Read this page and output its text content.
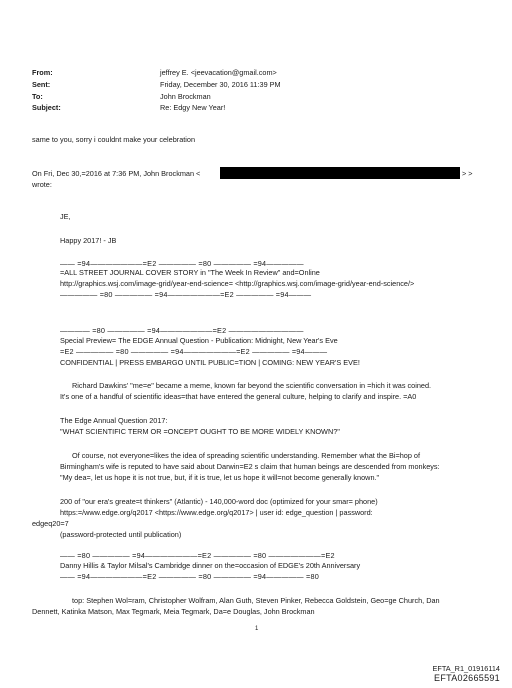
From:	jeffrey E. <jeevacation@gmail.com>
Sent:	Friday, December 30, 2016 11:39 PM
To:	John Brockman
Subject:	Re: Edgy New Year!
same to you, sorry i couldnt make your celebration
On Fri, Dec 30,=2016 at 7:36 PM, John Brockman <	> >
wrote:
JE,
Happy 2017! - JB
—— =94———————=E2 ————— =80 ————— =94—————
=ALL STREET JOURNAL COVER STORY in "The Week In Review" and=Online
http://graphics.wsj.com/image-grid/year-end-science= <http://graphics.wsj.com/image-grid/year-end-science/>
————— =80 ————— =94———————=E2 ————— =94———
———— =80 ————— =94———————=E2 ——————————
Special Preview= The EDGE Annual Question - Publication: Midnight, New Year's Eve
=E2 ————— =80 ————— =94———————=E2 ————— =94———
CONFIDENTIAL | PRESS EMBARGO UNTIL PUBLIC=TION | COMING: NEW YEAR'S EVE!
Richard Dawkins' "me=e" became a meme, known far beyond the scientific conversation in =hich it was coined.
It's one of a handful of scientific ideas=that have entered the general culture, helping to clarify and inspire. =A0
The Edge Annual Question 2017:
"WHAT SCIENTIFIC TERM OR =ONCEPT OUGHT TO BE MORE WIDELY KNOWN?"
Of course, not everyone=likes the idea of spreading scientific understanding. Remember what the Bi=hop of
Birmingham's wife is reputed to have said about Darwin=E2 s claim that human beings are descended from monkeys:
"My dea=, let us hope it is not true, but, if it is true, let us hope it will=not become generally known."
200 of "our era's greate=t thinkers" (Atlantic) - 140,000-word doc (optimized for your smar= phone)
https:=/www.edge.org/q2017 <https://www.edge.org/q2017> | user id: edge_question | password:
edgeq20=7
(password-protected until publication)
—— =80 ————— =94———————=E2 ————— =80 ———————=E2
Danny Hillis & Taylor Milsal's Cambridge dinner on the=occasion of EDGE's 20th Anniversary
—— =94———————=E2 ————— =80 ————— =94————— =80
top: Stephen Wol=ram, Christopher Wolfram, Alan Guth, Steven Pinker, Rebecca Goldstein, Geo=ge Church, Dan
Dennett, Katinka Matson, Max Tegmark, Meia Tegmark, Da=e Douglas, John Brockman
1
EFTA_R1_01916114
EFTA02665591
